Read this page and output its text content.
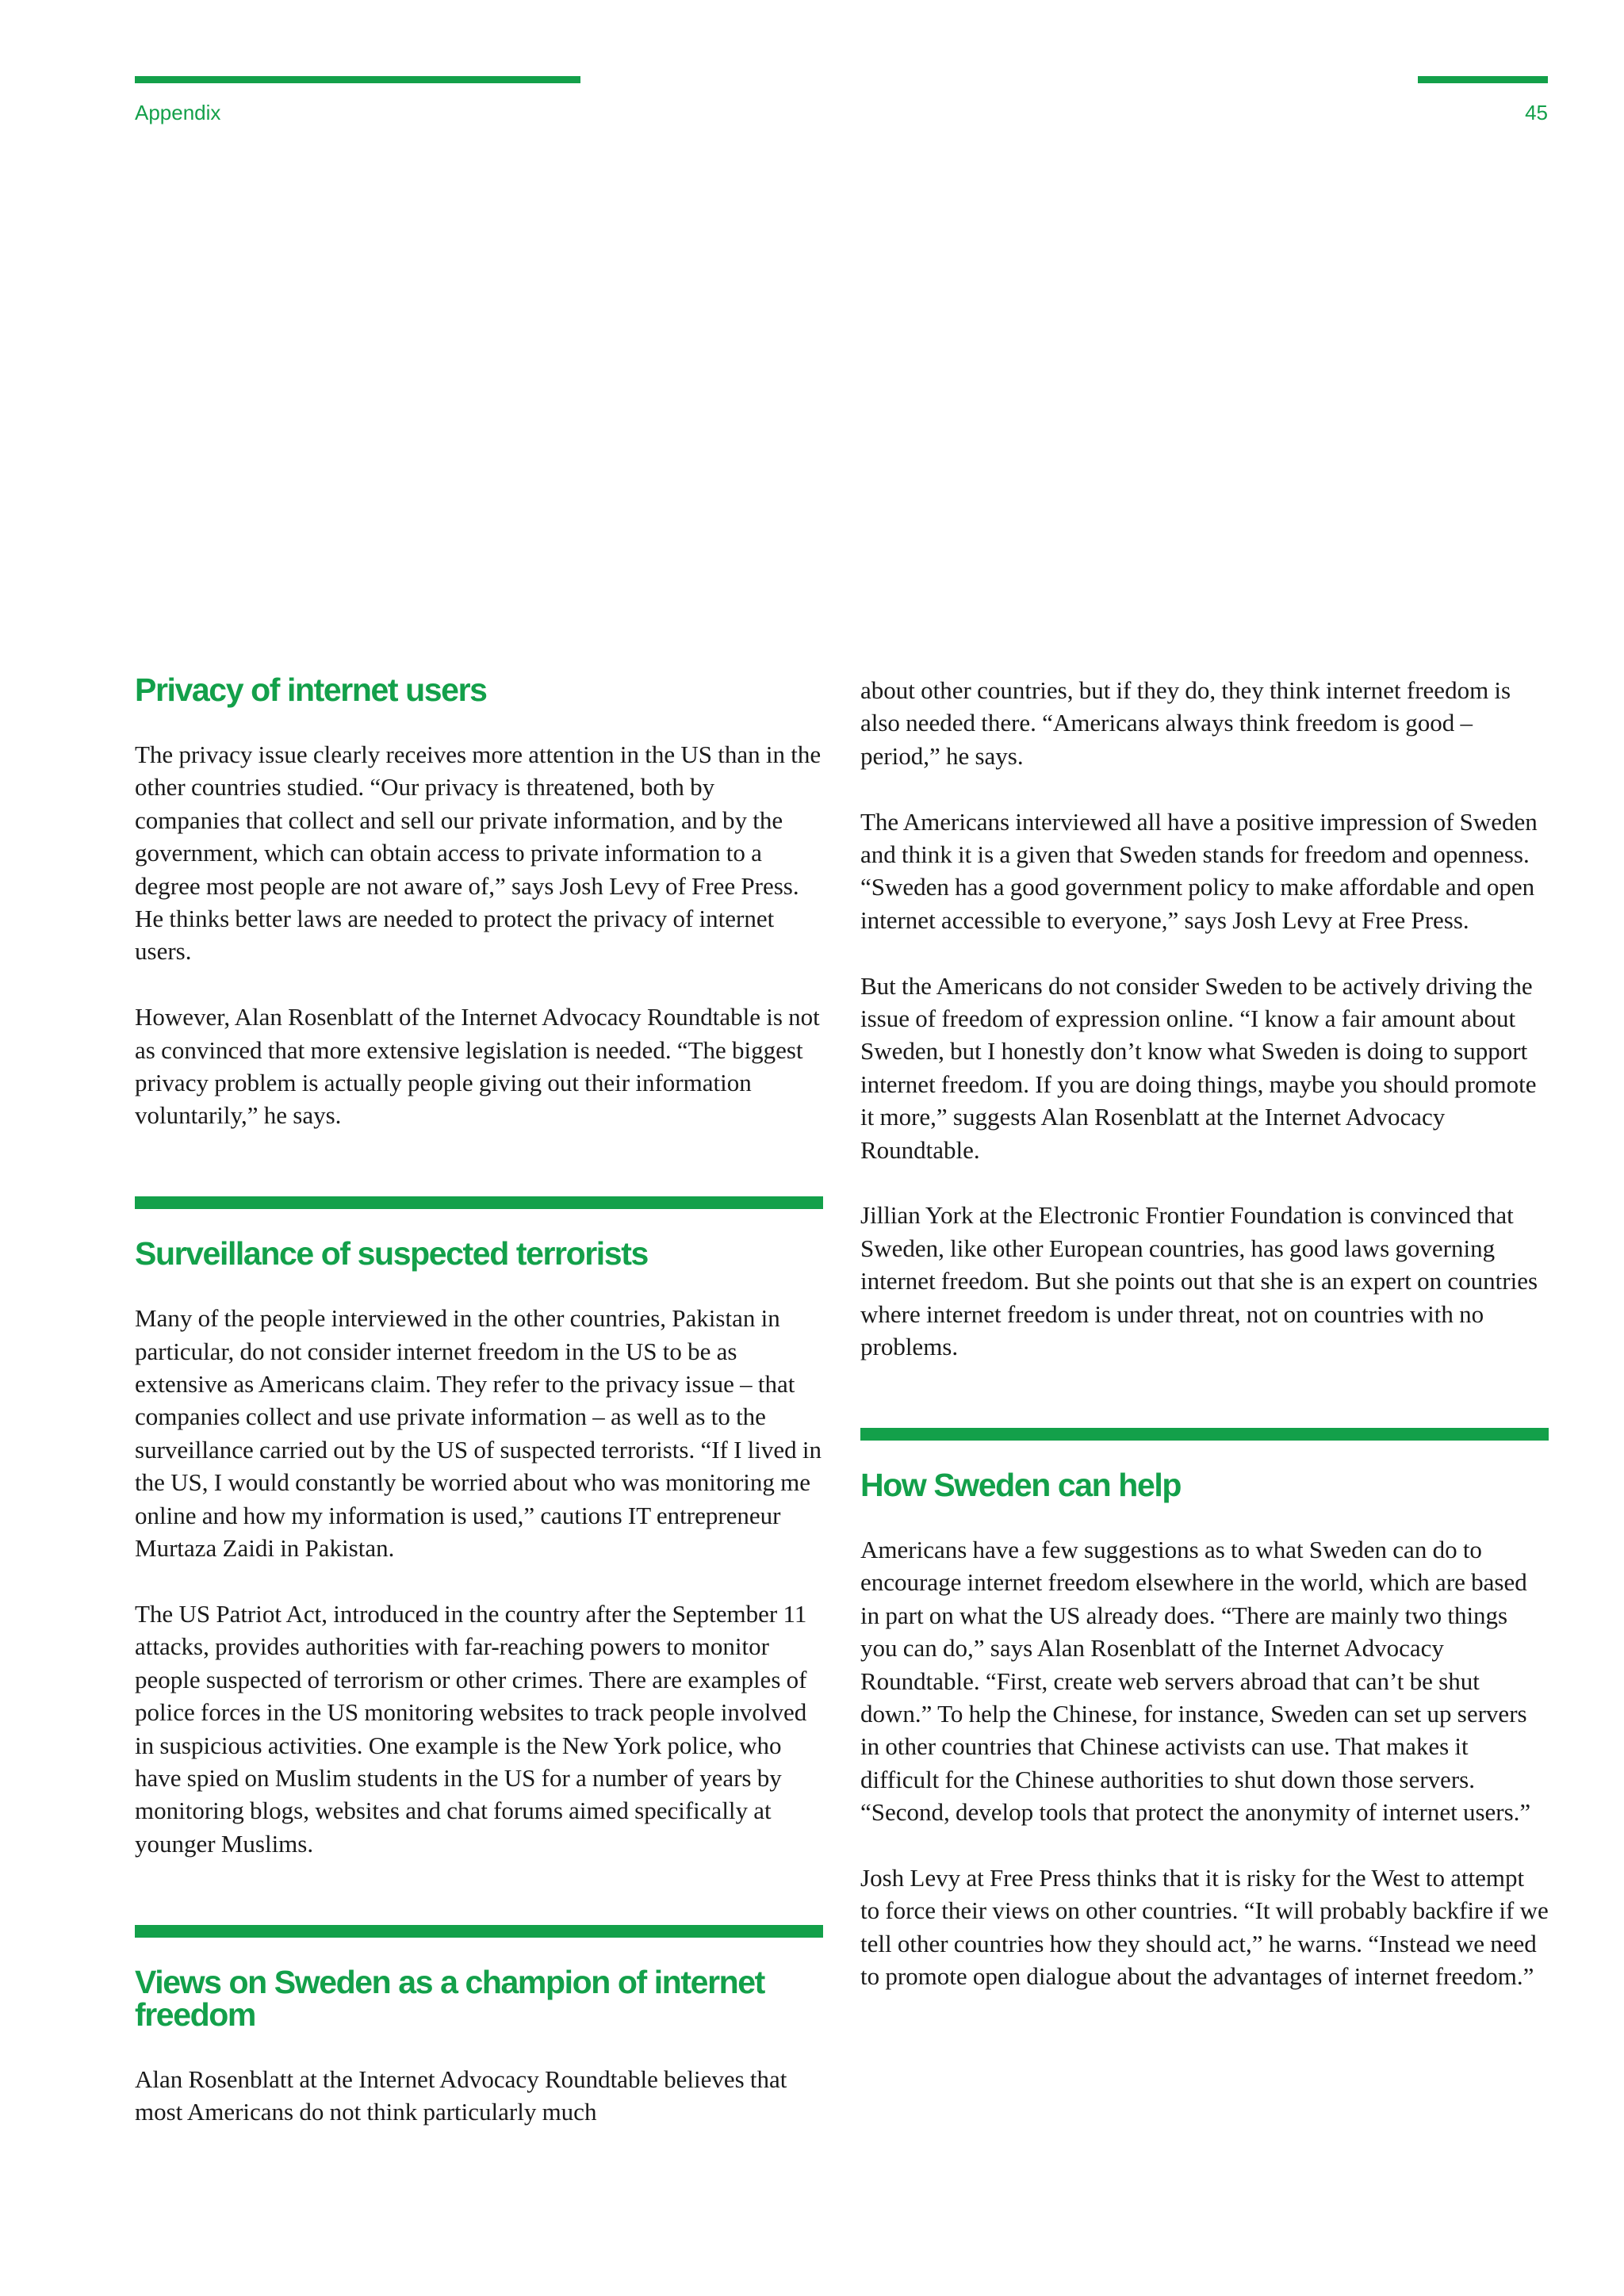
Appendix	45
Privacy of internet users

The privacy issue clearly receives more attention in the US than in the other countries studied. “Our privacy is threatened, both by companies that collect and sell our private information, and by the government, which can obtain access to private information to a degree most people are not aware of,” says Josh Levy of Free Press. He thinks better laws are needed to protect the privacy of internet users.

However, Alan Rosenblatt of the Internet Advocacy Roundtable is not as convinced that more extensive legislation is needed. “The biggest privacy problem is actually people giving out their information voluntarily,” he says.

Surveillance of suspected terrorists

Many of the people interviewed in the other countries, Pakistan in particular, do not consider internet freedom in the US to be as extensive as Americans claim. They refer to the privacy issue – that companies collect and use private information – as well as to the surveillance carried out by the US of suspected terrorists. “If I lived in the US, I would constantly be worried about who was monitoring me online and how my information is used,” cautions IT entrepreneur Murtaza Zaidi in Pakistan.

The US Patriot Act, introduced in the country after the September 11 attacks, provides authorities with far-reaching powers to monitor people suspected of terrorism or other crimes. There are examples of police forces in the US monitoring websites to track people involved in suspicious activities. One example is the New York police, who have spied on Muslim students in the US for a number of years by monitoring blogs, websites and chat forums aimed specifically at younger Muslims.

Views on Sweden as a champion of internet freedom

Alan Rosenblatt at the Internet Advocacy Roundtable believes that most Americans do not think particularly much

about other countries, but if they do, they think internet freedom is also needed there. “Americans always think freedom is good – period,” he says.

The Americans interviewed all have a positive impression of Sweden and think it is a given that Sweden stands for freedom and openness. “Sweden has a good government policy to make affordable and open internet accessible to everyone,” says Josh Levy at Free Press.

But the Americans do not consider Sweden to be actively driving the issue of freedom of expression online. “I know a fair amount about Sweden, but I honestly don’t know what Sweden is doing to support internet freedom. If you are doing things, maybe you should promote it more,” suggests Alan Rosenblatt at the Internet Advocacy Roundtable.

Jillian York at the Electronic Frontier Foundation is convinced that Sweden, like other European countries, has good laws governing internet freedom. But she points out that she is an expert on countries where internet freedom is under threat, not on countries with no problems.

How Sweden can help

Americans have a few suggestions as to what Sweden can do to encourage internet freedom elsewhere in the world, which are based in part on what the US already does. “There are mainly two things you can do,” says Alan Rosenblatt of the Internet Advocacy Roundtable. “First, create web servers abroad that can’t be shut down.” To help the Chinese, for instance, Sweden can set up servers in other countries that Chinese activists can use. That makes it difficult for the Chinese authorities to shut down those servers. “Second, develop tools that protect the anonymity of internet users.”

Josh Levy at Free Press thinks that it is risky for the West to attempt to force their views on other countries. “It will probably backfire if we tell other countries how they should act,” he warns. “Instead we need to promote open dialogue about the advantages of internet freedom.”
